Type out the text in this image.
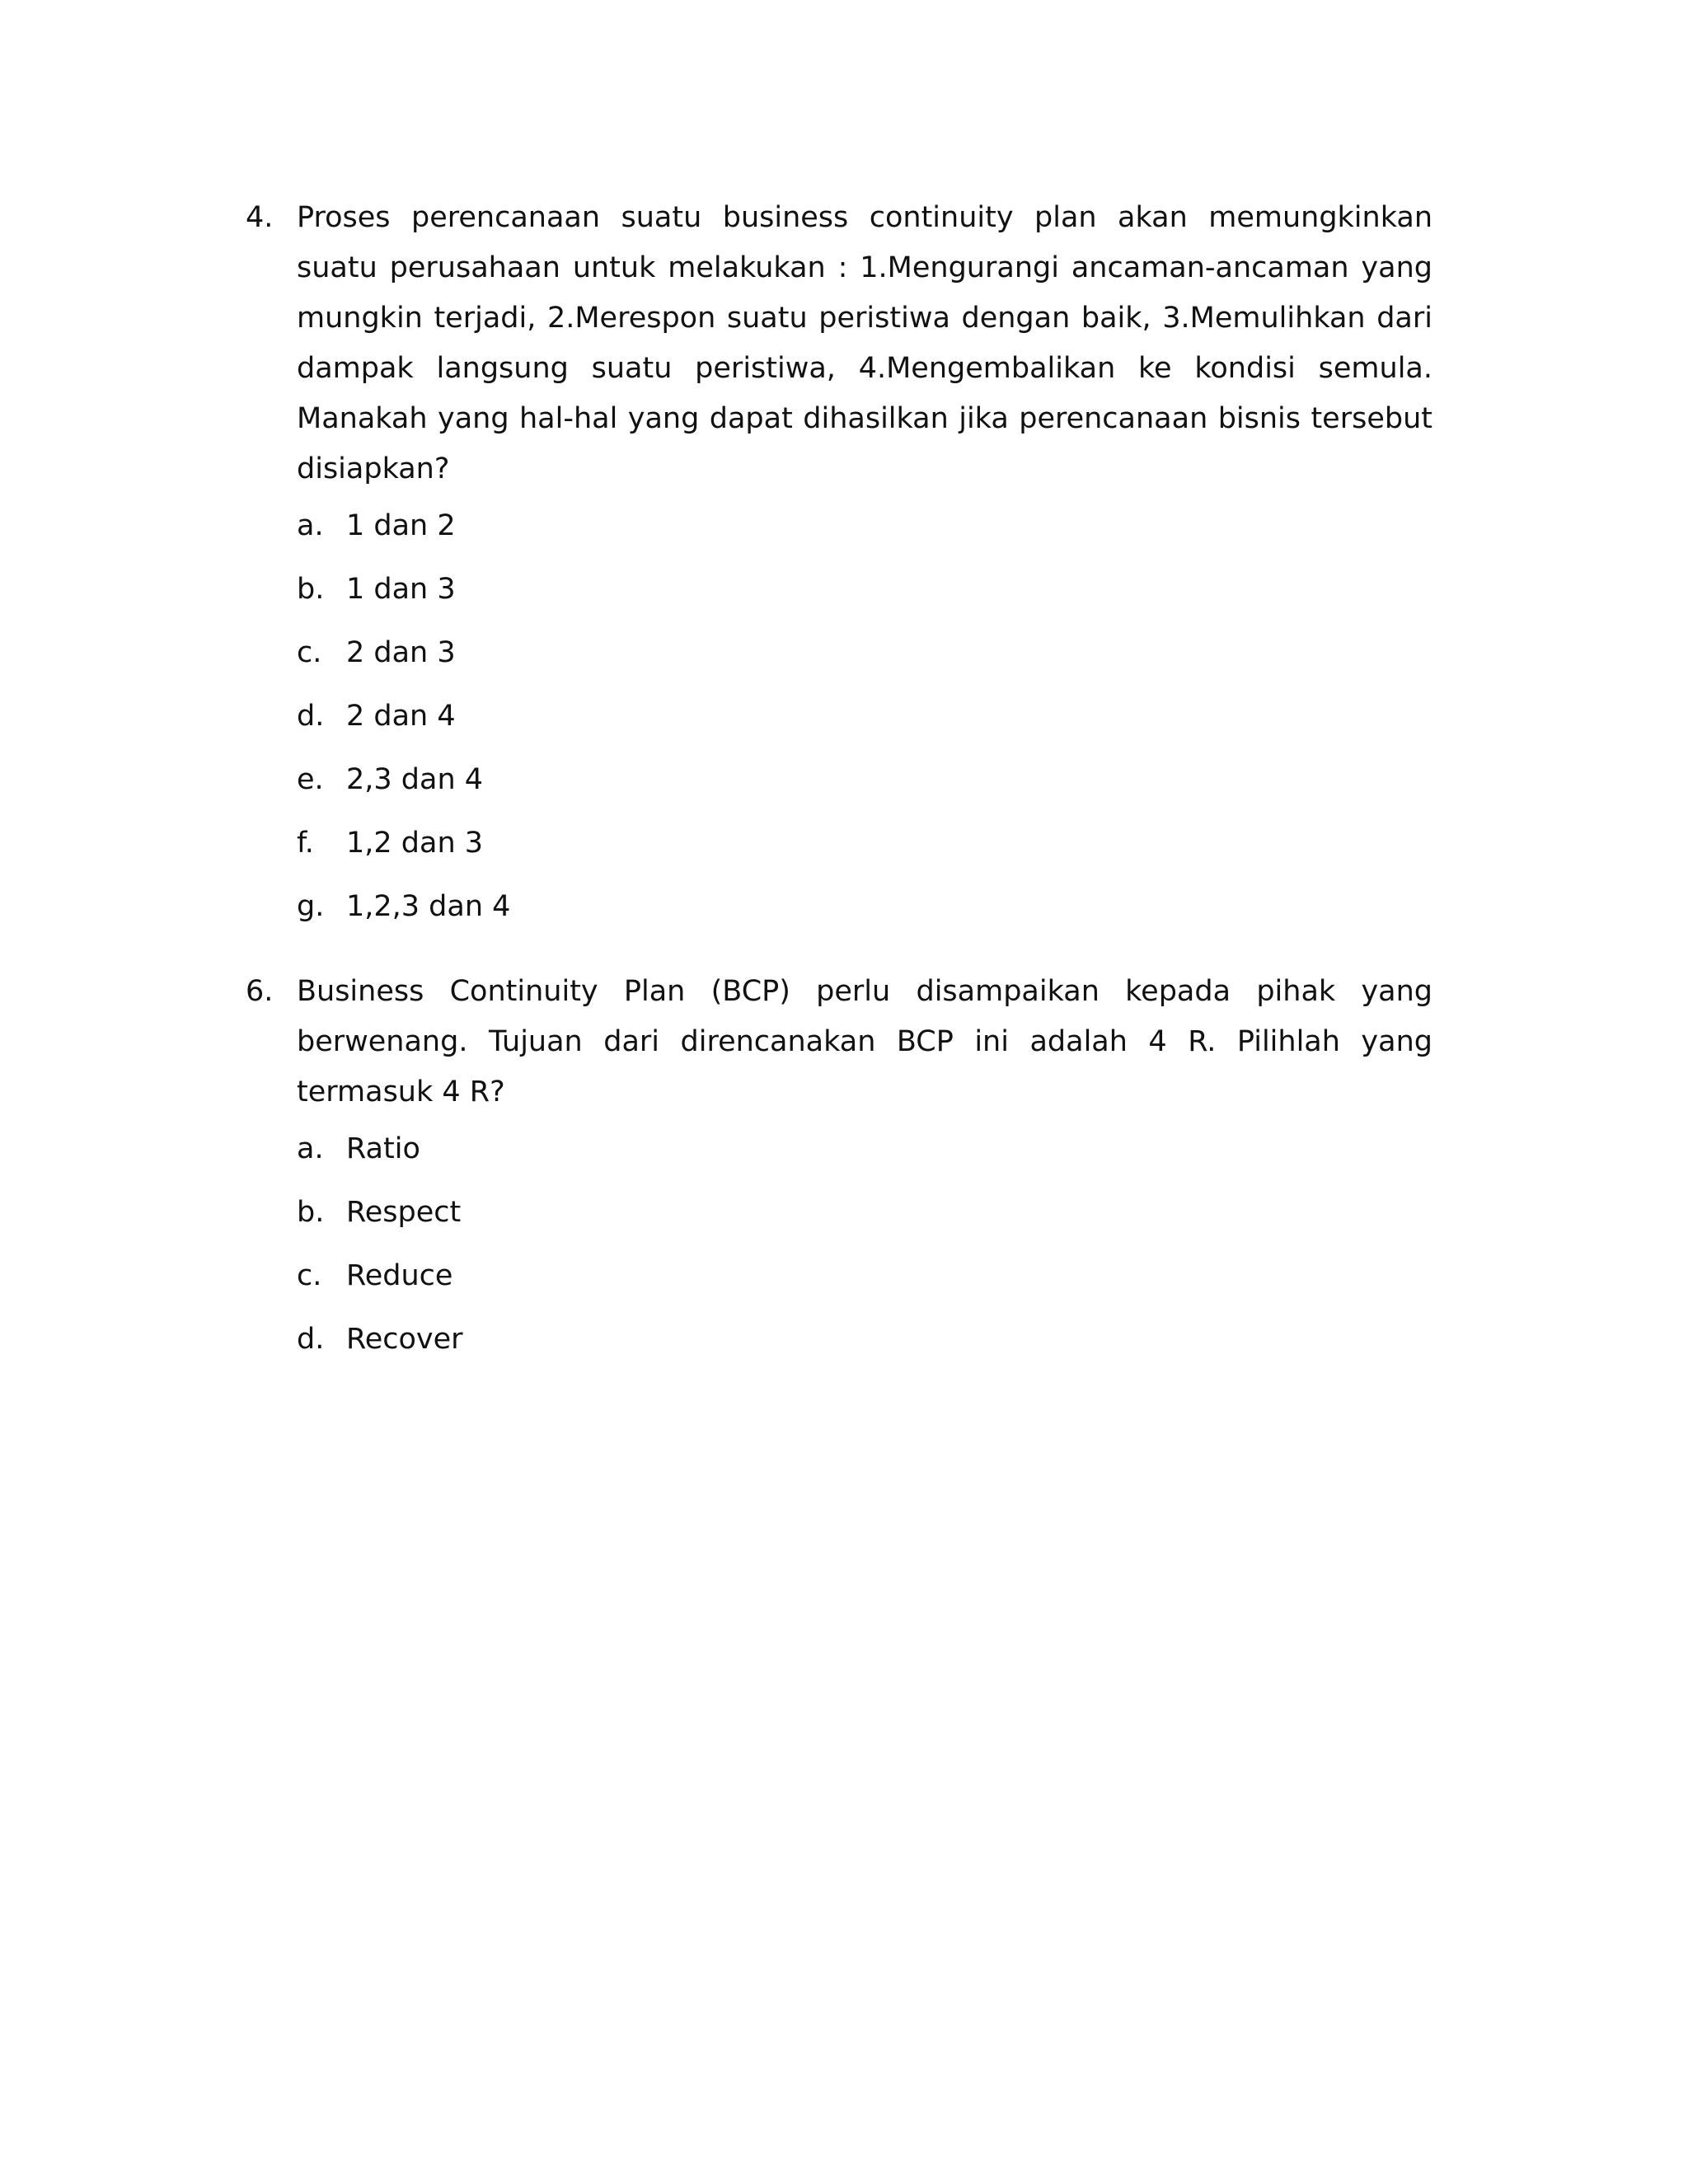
4. Proses perencanaan suatu business continuity plan akan memungkinkan suatu perusahaan untuk melakukan : 1.Mengurangi ancaman-ancaman yang mungkin terjadi, 2.Merespon suatu peristiwa dengan baik, 3.Memulihkan dari dampak langsung suatu peristiwa, 4.Mengembalikan ke kondisi semula. Manakah yang hal-hal yang dapat dihasilkan jika perencanaan bisnis tersebut disiapkan?
a. 1 dan 2
b. 1 dan 3
c. 2 dan 3
d. 2 dan 4
e. 2,3 dan 4
f.	1,2 dan 3
g. 1,2,3 dan 4
6. Business Continuity Plan (BCP) perlu disampaikan kepada pihak yang berwenang. Tujuan dari direncanakan BCP ini adalah 4 R. Pilihlah yang termasuk 4 R?
a. Ratio
b. Respect
c. Reduce
d. Recover
